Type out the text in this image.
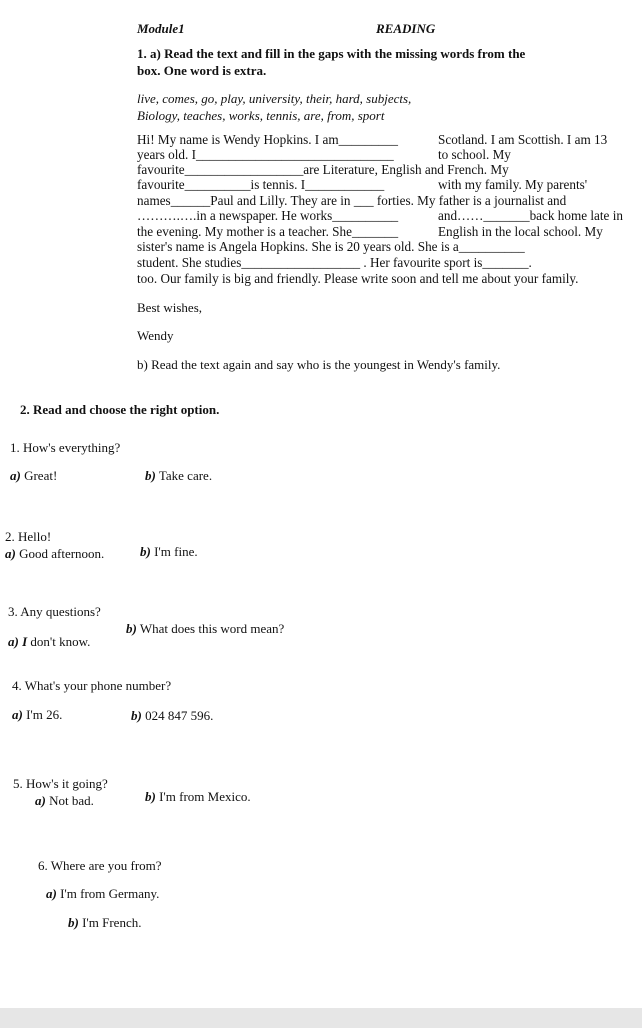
Module1	READING
1. a) Read the text and fill in the gaps with the missing words from the
box. One word is extra.
live, comes, go, play, university, their, hard, subjects,
Biology, teaches, works, tennis, are, from, sport
Hi! My name is Wendy Hopkins. I am_________	Scotland. I am Scottish. I am 13
years old. I______________________________	to school. My
favourite__________________are Literature, English and French. My
favourite__________is tennis. I____________	with my family. My parents'
names______Paul and Lilly. They are in ___ forties. My father is a journalist and
……….….in a newspaper. He works__________	and……_______back home late in
the evening. My mother is a teacher. She_______	English in the local school. My
sister's name is Angela Hopkins. She is 20 years old. She is a__________
student. She studies__________________ . Her favourite sport is_______.
too. Our family is big and friendly. Please write soon and tell me about your family.
Best wishes,
Wendy
b) Read the text again and say who is the youngest in Wendy's family.
2. Read and choose the right option.
1. How's everything?
a) Great!	b) Take care.
2. Hello!
a) Good afternoon.	b) I'm fine.
3. Any questions?
b) What does this word mean?
a) I don't know.
4. What's your phone number?
a) I'm 26.	b) 024 847 596.
5. How's it going?
a) Not bad.	b) I'm from Mexico.
6. Where are you from?
a) I'm from Germany.
b) I'm French.
